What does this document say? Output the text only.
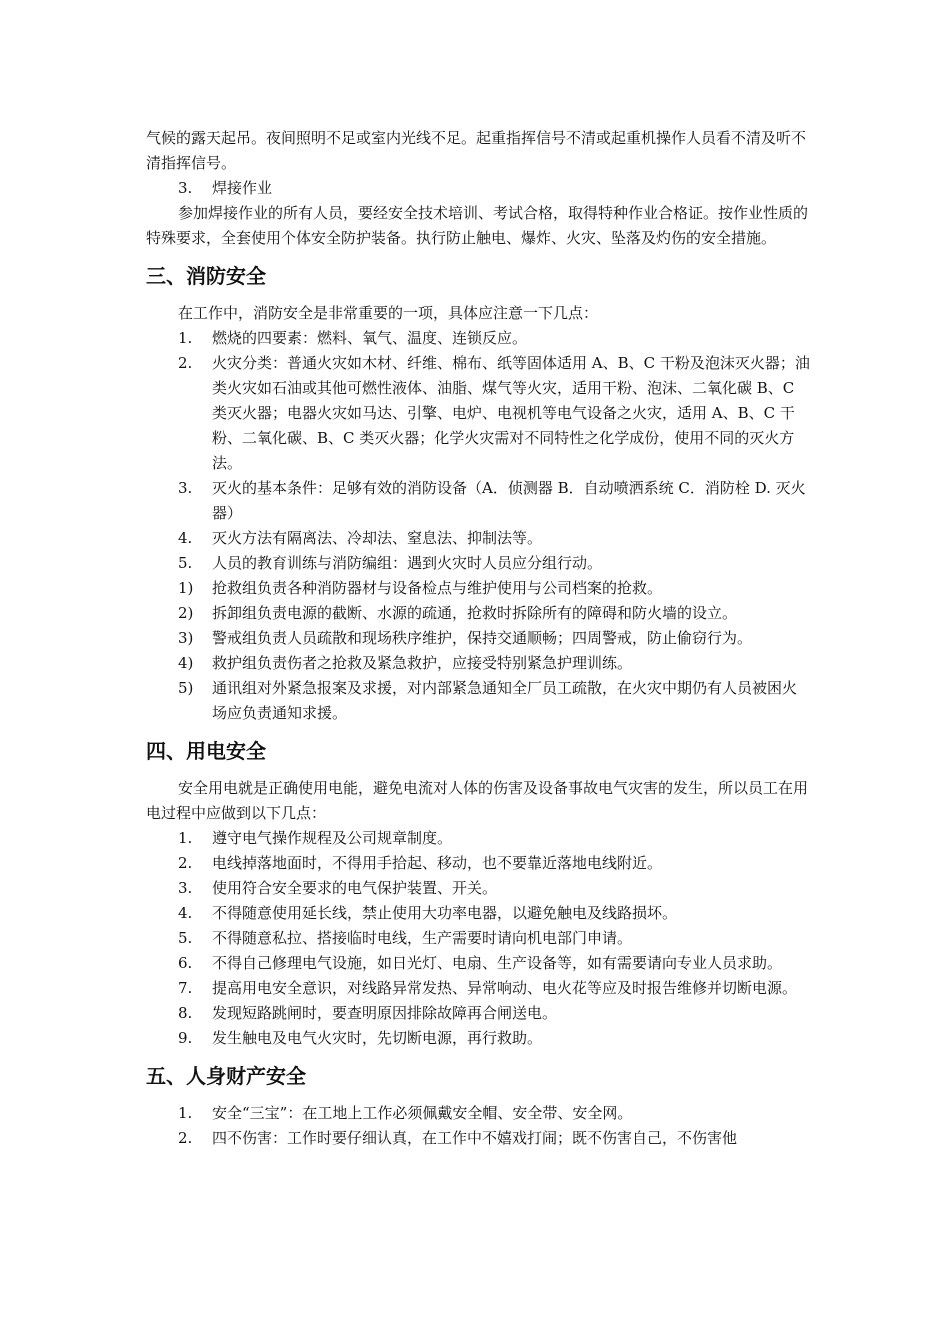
气候的露天起吊。夜间照明不足或室内光线不足。起重指挥信号不清或起重机操作人员看不清及听不清指挥信号。

3. 焊接作业

参加焊接作业的所有人员，要经安全技术培训、考试合格，取得特种作业合格证。按作业性质的特殊要求，全套使用个体安全防护装备。执行防止触电、爆炸、火灾、坠落及灼伤的安全措施。

三、消防安全

在工作中，消防安全是非常重要的一项，具体应注意一下几点：

1. 燃烧的四要素：燃料、氧气、温度、连锁反应。
2. 火灾分类：普通火灾如木材、纤维、棉布、纸等固体适用 A、B、C 干粉及泡沫灭火器；油类火灾如石油或其他可燃性液体、油脂、煤气等火灾，适用干粉、泡沫、二氧化碳 B、C 类灭火器；电器火灾如马达、引擎、电炉、电视机等电气设备之火灾，适用 A、B、C 干粉、二氧化碳、B、C 类灭火器；化学火灾需对不同特性之化学成份，使用不同的灭火方法。
3. 灭火的基本条件：足够有效的消防设备（A．侦测器 B．自动喷洒系统 C．消防栓 D. 灭火器）
4. 灭火方法有隔离法、冷却法、窒息法、抑制法等。
5. 人员的教育训练与消防编组：遇到火灾时人员应分组行动。
1) 抢救组负责各种消防器材与设备检点与维护使用与公司档案的抢救。
2) 拆卸组负责电源的截断、水源的疏通，抢救时拆除所有的障碍和防火墙的设立。
3) 警戒组负责人员疏散和现场秩序维护，保持交通顺畅；四周警戒，防止偷窃行为。
4) 救护组负责伤者之抢救及紧急救护，应接受特别紧急护理训练。
5) 通讯组对外紧急报案及求援，对内部紧急通知全厂员工疏散，在火灾中期仍有人员被困火场应负责通知求援。
四、用电安全

安全用电就是正确使用电能，避免电流对人体的伤害及设备事故电气灾害的发生，所以员工在用电过程中应做到以下几点：

1. 遵守电气操作规程及公司规章制度。
2. 电线掉落地面时，不得用手拾起、移动，也不要靠近落地电线附近。
3. 使用符合安全要求的电气保护装置、开关。
4. 不得随意使用延长线，禁止使用大功率电器，以避免触电及线路损坏。
5. 不得随意私拉、搭接临时电线，生产需要时请向机电部门申请。
6. 不得自己修理电气设施，如日光灯、电扇、生产设备等，如有需要请向专业人员求助。
7. 提高用电安全意识，对线路异常发热、异常响动、电火花等应及时报告维修并切断电源。
8. 发现短路跳闸时，要查明原因排除故障再合闸送电。
9. 发生触电及电气火灾时，先切断电源，再行救助。
五、人身财产安全
1. 安全“三宝”：在工地上工作必须佩戴安全帽、安全带、安全网。
2. 四不伤害：工作时要仔细认真，在工作中不嬉戏打闹；既不伤害自己，不伤害他
